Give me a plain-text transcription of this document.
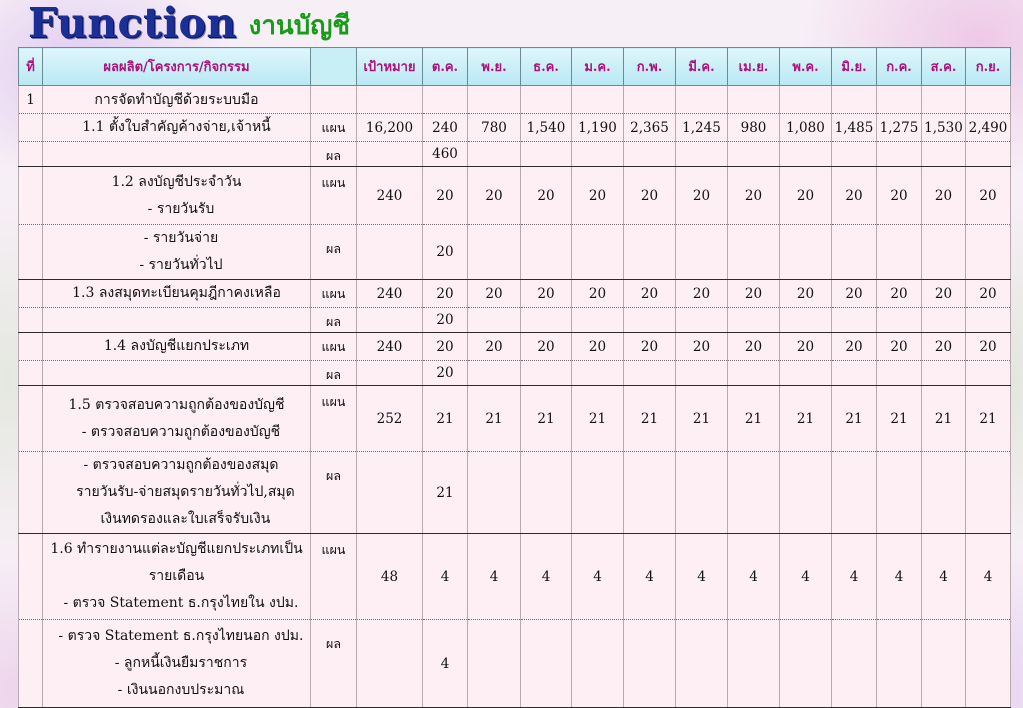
Function งานบัญชี
ที่	ผลผลิต/โครงการ/กิจกรรม		เป้าหมาย	ต.ค.	พ.ย.	ธ.ค.	ม.ค.	ก.พ.	มี.ค.	เม.ย.	พ.ค.	มิ.ย.	ก.ค.	ส.ค.	ก.ย.
1	การจัดทำบัญชีด้วยระบบมือ														

	1.1 ตั้งใบสำคัญค้างจ่าย,เจ้าหนี้	แผน	16,200	240	780	1,540	1,190	2,365	1,245	980	1,080	1,485	1,275	1,530	2,490
		ผล		460											

	1.2 ลงบัญชีประจำวัน
- รายวันรับ	แผน	240	20	20	20	20	20	20	20	20	20	20	20	20

	- รายวันจ่าย
- รายวันทั่วไป	ผล		20											

	1.3 ลงสมุดทะเบียนคุมฎีกาคงเหลือ	แผน	240	20	20	20	20	20	20	20	20	20	20	20	20
		ผล		20											

	1.4 ลงบัญชีแยกประเภท	แผน	240	20	20	20	20	20	20	20	20	20	20	20	20
		ผล		20											

	1.5 ตรวจสอบความถูกต้องของบัญชี
- ตรวจสอบความถูกต้องของบัญชี	แผน	252	21	21	21	21	21	21	21	21	21	21	21	21

	- ตรวจสอบความถูกต้องของสมุด
รายวันรับ-จ่ายสมุดรายวันทั่วไป,สมุด
เงินทดรองและใบเสร็จรับเงิน	ผล		21											

	1.6 ทำรายงานแต่ละบัญชีแยกประเภทเป็น
รายเดือน
- ตรวจ Statement ธ.กรุงไทยใน งปม.	แผน	48	4	4	4	4	4	4	4	4	4	4	4	4

	- ตรวจ Statement ธ.กรุงไทยนอก งปม.
- ลูกหนี้เงินยืมราชการ
- เงินนอกงบประมาณ	ผล		4											
